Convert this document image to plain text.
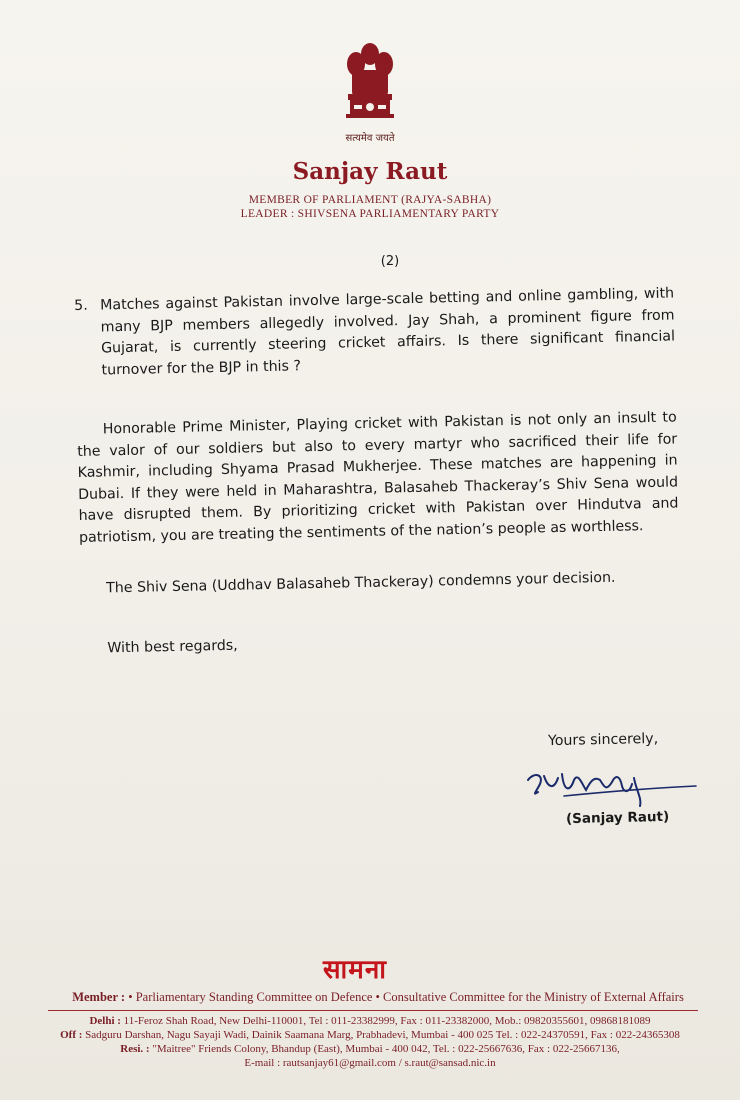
सत्यमेव जयते
Sanjay Raut
MEMBER OF PARLIAMENT (RAJYA-SABHA)
LEADER : SHIVSENA PARLIAMENTARY PARTY
(2)
5. Matches against Pakistan involve large-scale betting and online gambling, with many BJP members allegedly involved. Jay Shah, a prominent figure from Gujarat, is currently steering cricket affairs. Is there significant financial turnover for the BJP in this ?

Honorable Prime Minister, Playing cricket with Pakistan is not only an insult to the valor of our soldiers but also to every martyr who sacrificed their life for Kashmir, including Shyama Prasad Mukherjee. These matches are happening in Dubai. If they were held in Maharashtra, Balasaheb Thackeray’s Shiv Sena would have disrupted them. By prioritizing cricket with Pakistan over Hindutva and patriotism, you are treating the sentiments of the nation’s people as worthless.

The Shiv Sena (Uddhav Balasaheb Thackeray) condemns your decision.

With best regards,

Yours sincerely,
(Sanjay Raut)
सामना
Member : • Parliamentary Standing Committee on Defence • Consultative Committee for the Ministry of External Affairs
Delhi : 11-Feroz Shah Road, New Delhi-110001, Tel : 011-23382999, Fax : 011-23382000, Mob.: 09820355601, 09868181089
Off : Sadguru Darshan, Nagu Sayaji Wadi, Dainik Saamana Marg, Prabhadevi, Mumbai - 400 025 Tel. : 022-24370591, Fax : 022-24365308
Resi. : "Maitree" Friends Colony, Bhandup (East), Mumbai - 400 042, Tel. : 022-25667636, Fax : 022-25667136,
E-mail : rautsanjay61@gmail.com / s.raut@sansad.nic.in
